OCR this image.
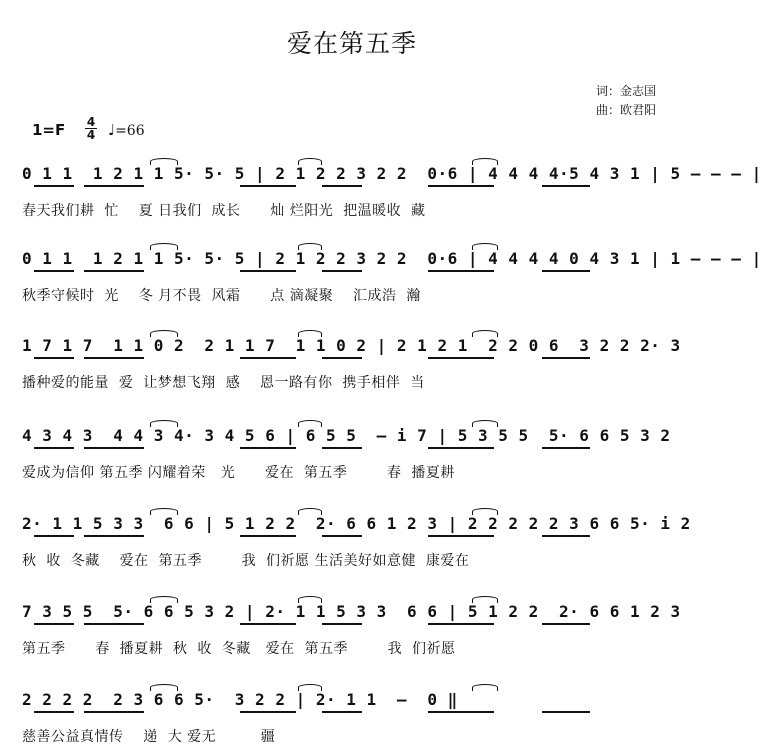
爱在第五季
词：金志国
曲：欧君阳
1=F 4
4 ♩=66
0 1 1  1 2 1 1 5· 5· 5 | 2 1 2 2 3 2 2  0·6 | 4 4 4 4·5 4 3 1 | 5 – – – |
春天我们耕  忙    夏 日我们  成长      灿 烂阳光  把温暖收  藏
0 1 1  1 2 1 1 5· 5· 5 | 2 1 2 2 3 2 2  0·6 | 4 4 4 4 0 4 3 1 | 1 – – – |
秋季守候时  光    冬 月不畏  风霜      点 滴凝聚    汇成浩  瀚
1 7 1 7  1 1 0 2  2 1 1 7  1 1 0 2 | 2 1 2 1  2 2 0 6  3 2 2 2· 3
播种爱的能量  爱  让梦想飞翔  感    恩一路有你  携手相伴  当
4 3 4 3  4 4 3 4· 3 4 5 6 | 6 5 5  – i 7 | 5 3 5 5  5· 6 6 5 3 2
爱成为信仰 第五季 闪耀着荣   光      爱在  第五季        春  播夏耕
2· 1 1 5 3 3  6 6 | 5 1 2 2  2· 6 6 1 2 3 | 2 2 2 2 2 3 6 6 5· i 2
秋  收  冬藏    爱在  第五季        我  们祈愿 生活美好如意健  康爱在
7 3 5 5  5· 6 6 5 3 2 | 2· 1 1 5 3 3  6 6 | 5 1 2 2  2· 6 6 1 2 3
第五季      春  播夏耕  秋  收  冬藏   爱在  第五季        我  们祈愿
2 2 2 2  2 3 6 6 5·  3 2 2 | 2· 1 1  –  0 ‖
慈善公益真情传    递  大 爱无         疆
